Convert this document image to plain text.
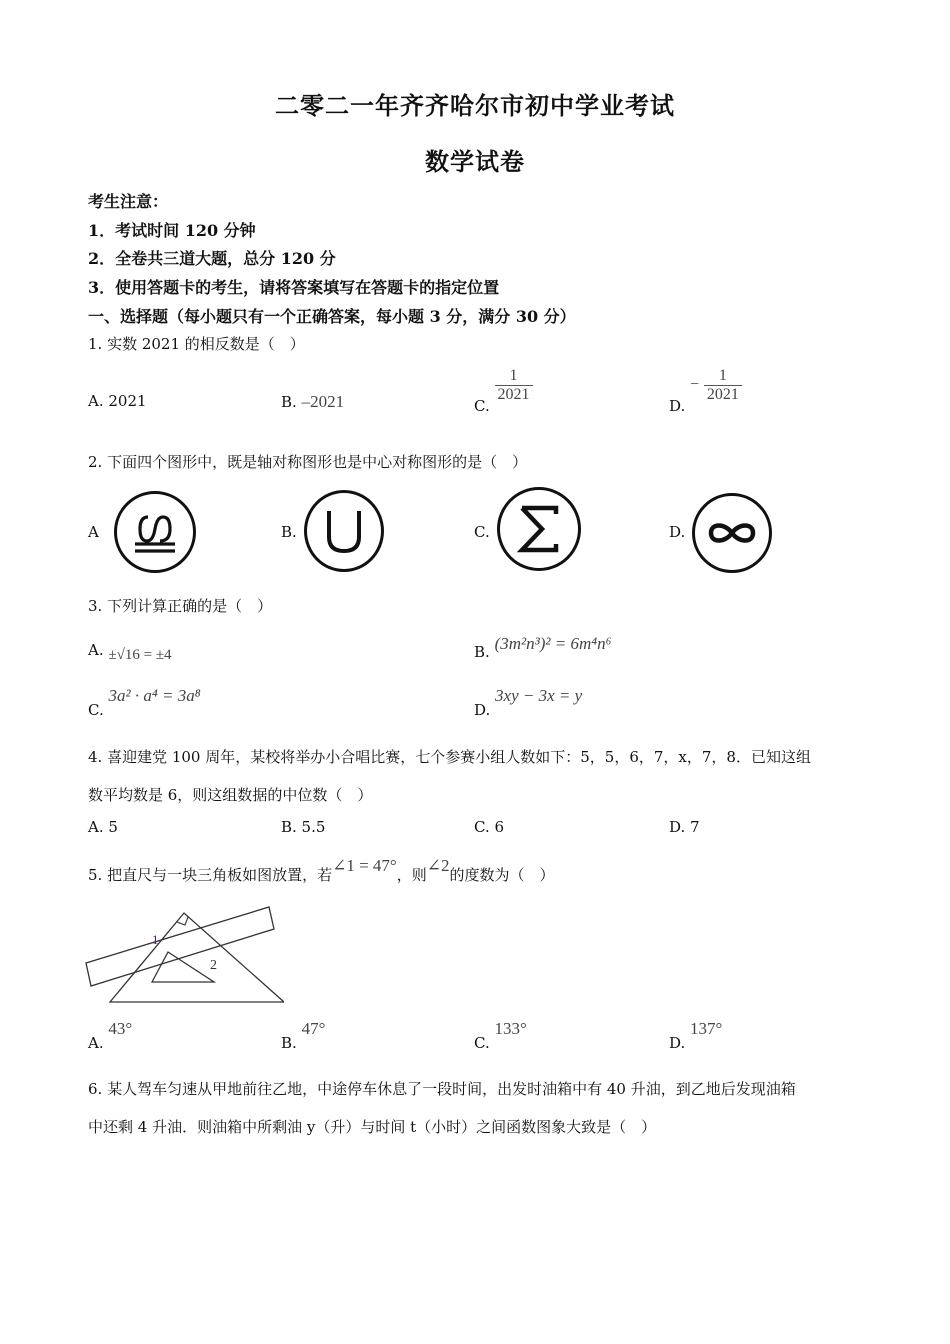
二零二一年齐齐哈尔市初中学业考试
数学试卷
考生注意：
1．考试时间 120 分钟
2．全卷共三道大题，总分 120 分
3．使用答题卡的考生，请将答案填写在答题卡的指定位置
一、选择题（每小题只有一个正确答案，每小题 3 分，满分 30 分）
1. 实数 2021 的相反数是（　）
A. 2021	B. –2021	C.
$\frac{1}{2021}$
D. − $\frac{1}{2021}$
2. 下面四个图形中，既是轴对称图形也是中心对称图形的是（　）
A	B.	C.	D.
3. 下列计算正确的是（　）
A. ±√16 = ±4	B. (3m²n³)² = 6m⁴n⁶
C. 3a² · a⁴ = 3a⁸
D. 3xy − 3x = y
4. 喜迎建党 100 周年，某校将举办小合唱比赛，七个参赛小组人数如下：5，5，6，7，x，7，8．已知这组
数平均数是 6，则这组数据的中位数（　）
A. 5	B. 5.5	C. 6	D. 7
5. 把直尺与一块三角板如图放置，若∠1 = 47°，则∠2的度数为（　）
1
2
A. 43°
B. 47°
C. 133°
D. 137°
6. 某人驾车匀速从甲地前往乙地，中途停车休息了一段时间，出发时油箱中有 40 升油，到乙地后发现油箱
中还剩 4 升油．则油箱中所剩油 y（升）与时间 t（小时）之间函数图象大致是（　）
